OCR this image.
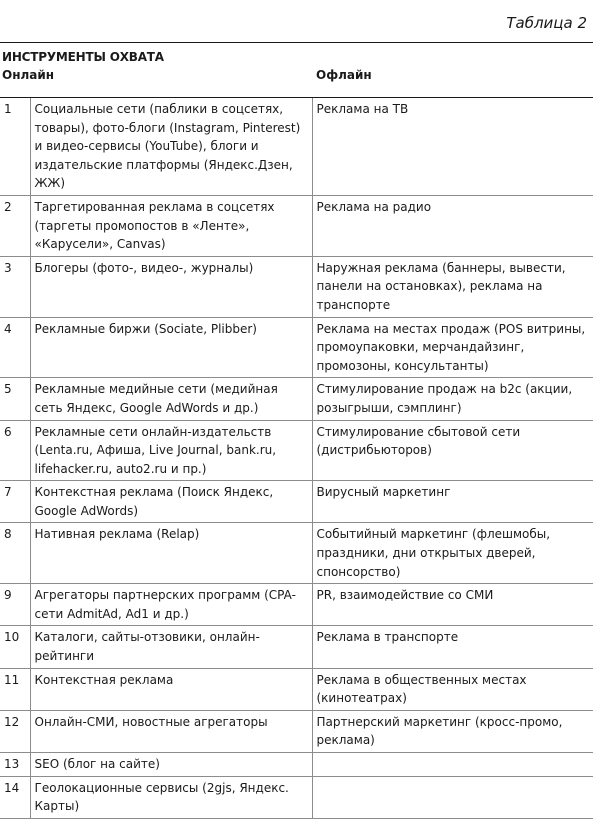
Таблица 2
ИНСТРУМЕНТЫ ОХВАТА
Онлайн	Офлайн
1	Социальные сети (паблики в соцсетях, товары), фото-блоги (Instagram, Pinterest) и видео-сервисы (YouTube), блоги и издательские платформы (Яндекс.Дзен, ЖЖ)	Реклама на ТВ
2	Таргетированная реклама в соцсетях (таргеты промопостов в «Ленте», «Карусели», Canvas)	Реклама на радио
3	Блогеры (фото-, видео-, журналы)	Наружная реклама (баннеры, вывести, панели на остановках), реклама на транспорте
4	Рекламные биржи (Sociate, Plibber)	Реклама на местах продаж (POS витрины, промоупаковки, мерчандайзинг, промозоны, консультанты)
5	Рекламные медийные сети (медийная сеть Яндекс, Google AdWords и др.)	Стимулирование продаж на b2c (акции, розыгрыши, сэмплинг)
6	Рекламные сети онлайн-издательств (Lenta.ru, Афиша, Live Journal, bank.ru, lifehacker.ru, auto2.ru и пр.)	Стимулирование сбытовой сети (дистрибьюторов)
7	Контекстная реклама (Поиск Яндекс, Google AdWords)	Вирусный маркетинг
8	Нативная реклама (Relap)	Событийный маркетинг (флешмобы, праздники, дни открытых дверей, спонсорство)
9	Агрегаторы партнерских программ (CPA-сети AdmitAd, Ad1 и др.)	PR, взаимодействие со СМИ
10	Каталоги, сайты-отзовики, онлайн-рейтинги	Реклама в транспорте
11	Контекстная реклама	Реклама в общественных местах (кинотеатрах)
12	Онлайн-СМИ, новостные агрегаторы	Партнерский маркетинг (кросс-промо, реклама)
13	SEO (блог на сайте)	
14	Геолокационные сервисы (2gjs, Яндекс. Карты)	
